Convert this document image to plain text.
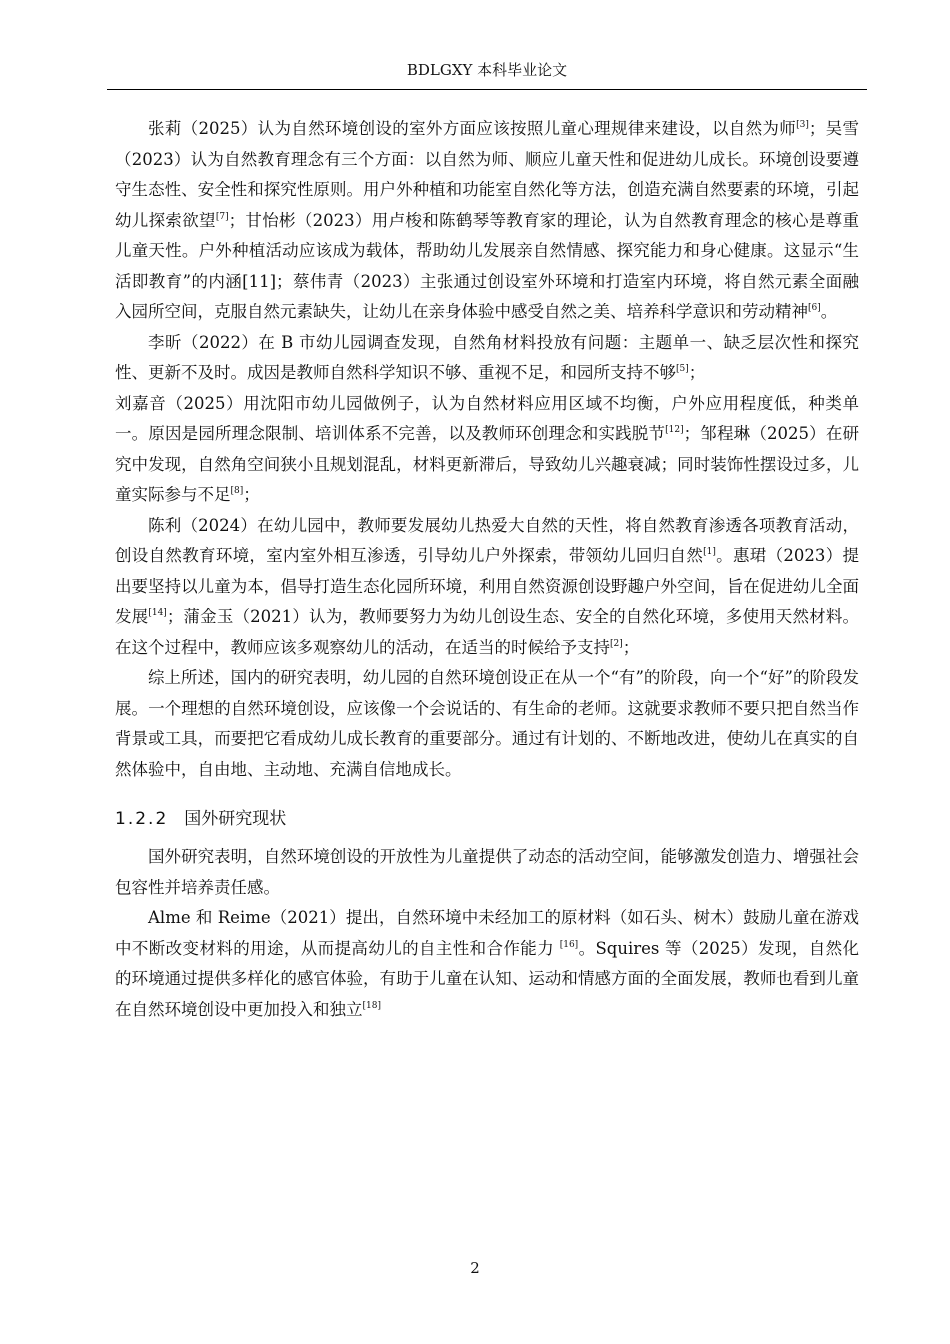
BDLGXY 本科毕业论文

张莉（2025）认为自然环境创设的室外方面应该按照儿童心理规律来建设，以自然为师[3]；吴雪（2023）认为自然教育理念有三个方面：以自然为师、顺应儿童天性和促进幼儿成长。环境创设要遵守生态性、安全性和探究性原则。用户外种植和功能室自然化等方法，创造充满自然要素的环境，引起幼儿探索欲望[7]；甘怡彬（2023）用卢梭和陈鹤琴等教育家的理论，认为自然教育理念的核心是尊重儿童天性。户外种植活动应该成为载体，帮助幼儿发展亲自然情感、探究能力和身心健康。这显示“生活即教育”的内涵[11]；蔡伟青（2023）主张通过创设室外环境和打造室内环境，将自然元素全面融入园所空间，克服自然元素缺失，让幼儿在亲身体验中感受自然之美、培养科学意识和劳动精神[6]。

李昕（2022）在 B 市幼儿园调查发现，自然角材料投放有问题：主题单一、缺乏层次性和探究性、更新不及时。成因是教师自然科学知识不够、重视不足，和园所支持不够[5]；

刘嘉音（2025）用沈阳市幼儿园做例子，认为自然材料应用区域不均衡，户外应用程度低，种类单一。原因是园所理念限制、培训体系不完善，以及教师环创理念和实践脱节[12]；邹程琳（2025）在研究中发现，自然角空间狭小且规划混乱，材料更新滞后，导致幼儿兴趣衰减；同时装饰性摆设过多，儿童实际参与不足[8]；

陈利（2024）在幼儿园中，教师要发展幼儿热爱大自然的天性，将自然教育渗透各项教育活动，创设自然教育环境，室内室外相互渗透，引导幼儿户外探索，带领幼儿回归自然[1]。惠珺（2023）提出要坚持以儿童为本，倡导打造生态化园所环境，利用自然资源创设野趣户外空间，旨在促进幼儿全面发展[14]；蒲金玉（2021）认为，教师要努力为幼儿创设生态、安全的自然化环境，多使用天然材料。在这个过程中，教师应该多观察幼儿的活动，在适当的时候给予支持[2]；

综上所述，国内的研究表明，幼儿园的自然环境创设正在从一个“有”的阶段，向一个“好”的阶段发展。一个理想的自然环境创设，应该像一个会说话的、有生命的老师。这就要求教师不要只把自然当作背景或工具，而要把它看成幼儿成长教育的重要部分。通过有计划的、不断地改进，使幼儿在真实的自然体验中，自由地、主动地、充满自信地成长。

1.2.2 国外研究现状

国外研究表明，自然环境创设的开放性为儿童提供了动态的活动空间，能够激发创造力、增强社会包容性并培养责任感。

Alme 和 Reime（2021）提出，自然环境中未经加工的原材料（如石头、树木）鼓励儿童在游戏中不断改变材料的用途，从而提高幼儿的自主性和合作能力 [16]。Squires 等（2025）发现，自然化的环境通过提供多样化的感官体验，有助于儿童在认知、运动和情感方面的全面发展，教师也看到儿童在自然环境创设中更加投入和独立[18]

2
